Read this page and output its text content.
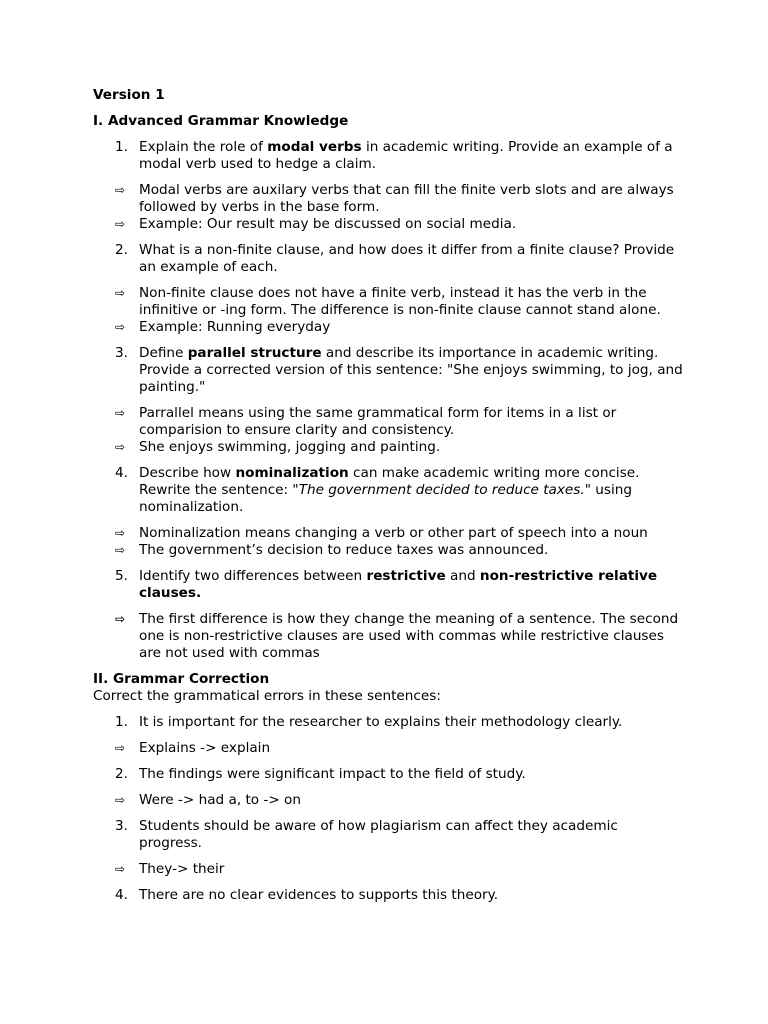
Version 1

I. Advanced Grammar Knowledge

1. Explain the role of modal verbs in academic writing. Provide an example of a modal verb used to hedge a claim.
⇨ Modal verbs are auxilary verbs that can fill the finite verb slots and are always followed by verbs in the base form.
⇨ Example: Our result may be discussed on social media.
2. What is a non-finite clause, and how does it differ from a finite clause? Provide an example of each.
⇨ Non-finite clause does not have a finite verb, instead it has the verb in the infinitive or -ing form. The difference is non-finite clause cannot stand alone.
⇨ Example: Running everyday
3. Define parallel structure and describe its importance in academic writing. Provide a corrected version of this sentence: "She enjoys swimming, to jog, and painting."
⇨ Parrallel means using the same grammatical form for items in a list or comparision to ensure clarity and consistency.
⇨ She enjoys swimming, jogging and painting.
4. Describe how nominalization can make academic writing more concise. Rewrite the sentence: "The government decided to reduce taxes." using nominalization.
⇨ Nominalization means changing a verb or other part of speech into a noun
⇨ The government’s decision to reduce taxes was announced.
5. Identify two differences between restrictive and non-restrictive relative clauses.
⇨ The first difference is how they change the meaning of a sentence. The second one is non-restrictive clauses are used with commas while restrictive clauses are not used with commas

II. Grammar Correction

Correct the grammatical errors in these sentences:

1. It is important for the researcher to explains their methodology clearly.
⇨ Explains -> explain
2. The findings were significant impact to the field of study.
⇨ Were -> had a, to -> on
3. Students should be aware of how plagiarism can affect they academic progress.
⇨ They-> their
4. There are no clear evidences to supports this theory.
